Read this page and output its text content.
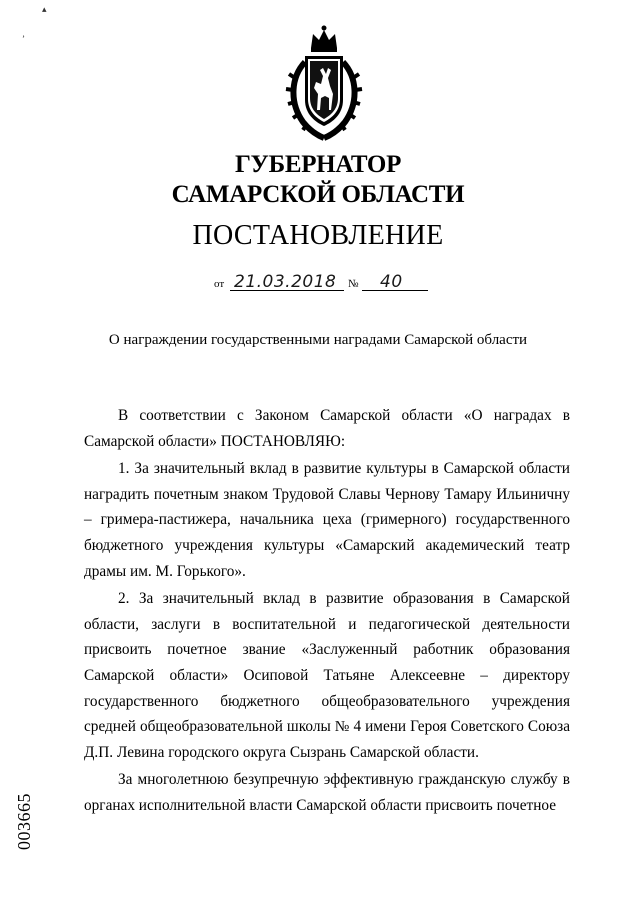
▴
ʼ
ГУБЕРНАТОР
САМАРСКОЙ ОБЛАСТИ
ПОСТАНОВЛЕНИЕ
от 21.03.2018 № 40
О награждении государственными наградами Самарской области

В соответствии с Законом Самарской области «О наградах в Самарской области» ПОСТАНОВЛЯЮ:

1. За значительный вклад в развитие культуры в Самарской области наградить почетным знаком Трудовой Славы Чернову Тамару Ильиничну – гримера-пастижера, начальника цеха (гримерного) государственного бюджетного учреждения культуры «Самарский академический театр драмы им. М. Горького».

2. За значительный вклад в развитие образования в Самарской области, заслуги в воспитательной и педагогической деятельности присвоить почетное звание «Заслуженный работник образования Самарской области» Осиповой Татьяне Алексеевне – директору государственного бюджетного общеобразовательного учреждения средней общеобразовательной школы № 4 имени Героя Советского Союза Д.П. Левина городского округа Сызрань Самарской области.

За многолетнюю безупречную эффективную гражданскую службу в органах исполнительной власти Самарской области присвоить почетное

003665
